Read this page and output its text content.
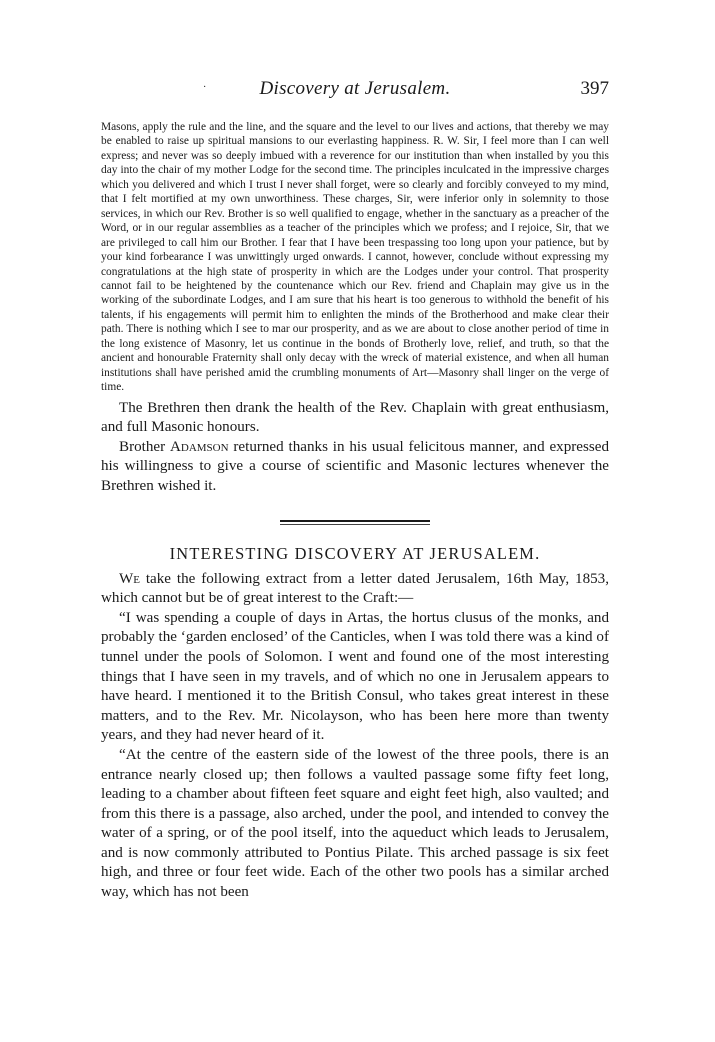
·	Discovery at Jerusalem.	397

Masons, apply the rule and the line, and the square and the level to our lives and actions, that thereby we may be enabled to raise up spiritual mansions to our everlasting happiness. R. W. Sir, I feel more than I can well express; and never was so deeply imbued with a reverence for our institution than when installed by you this day into the chair of my mother Lodge for the second time. The principles inculcated in the impressive charges which you delivered and which I trust I never shall forget, were so clearly and forcibly conveyed to my mind, that I felt mortified at my own unworthiness. These charges, Sir, were inferior only in solemnity to those services, in which our Rev. Brother is so well qualified to engage, whether in the sanctuary as a preacher of the Word, or in our regular assemblies as a teacher of the principles which we profess; and I rejoice, Sir, that we are privileged to call him our Brother. I fear that I have been trespassing too long upon your patience, but by your kind forbearance I was unwittingly urged onwards. I cannot, however, conclude without expressing my congratulations at the high state of prosperity in which are the Lodges under your control. That prosperity cannot fail to be heightened by the countenance which our Rev. friend and Chaplain may give us in the working of the subordinate Lodges, and I am sure that his heart is too generous to withhold the benefit of his talents, if his engagements will permit him to enlighten the minds of the Brotherhood and make clear their path. There is nothing which I see to mar our prosperity, and as we are about to close another period of time in the long existence of Masonry, let us continue in the bonds of Brotherly love, relief, and truth, so that the ancient and honourable Fraternity shall only decay with the wreck of material existence, and when all human institutions shall have perished amid the crumbling monuments of Art—Masonry shall linger on the verge of time.

The Brethren then drank the health of the Rev. Chaplain with great enthusiasm, and full Masonic honours.

Brother Adamson returned thanks in his usual felicitous manner, and expressed his willingness to give a course of scientific and Masonic lectures whenever the Brethren wished it.

INTERESTING DISCOVERY AT JERUSALEM.

We take the following extract from a letter dated Jerusalem, 16th May, 1853, which cannot but be of great interest to the Craft:—

“I was spending a couple of days in Artas, the hortus clusus of the monks, and probably the ‘garden enclosed’ of the Canticles, when I was told there was a kind of tunnel under the pools of Solomon. I went and found one of the most interesting things that I have seen in my travels, and of which no one in Jerusalem appears to have heard. I mentioned it to the British Consul, who takes great interest in these matters, and to the Rev. Mr. Nicolayson, who has been here more than twenty years, and they had never heard of it.

“At the centre of the eastern side of the lowest of the three pools, there is an entrance nearly closed up; then follows a vaulted passage some fifty feet long, leading to a chamber about fifteen feet square and eight feet high, also vaulted; and from this there is a passage, also arched, under the pool, and intended to convey the water of a spring, or of the pool itself, into the aqueduct which leads to Jerusalem, and is now commonly attributed to Pontius Pilate. This arched passage is six feet high, and three or four feet wide. Each of the other two pools has a similar arched way, which has not been
